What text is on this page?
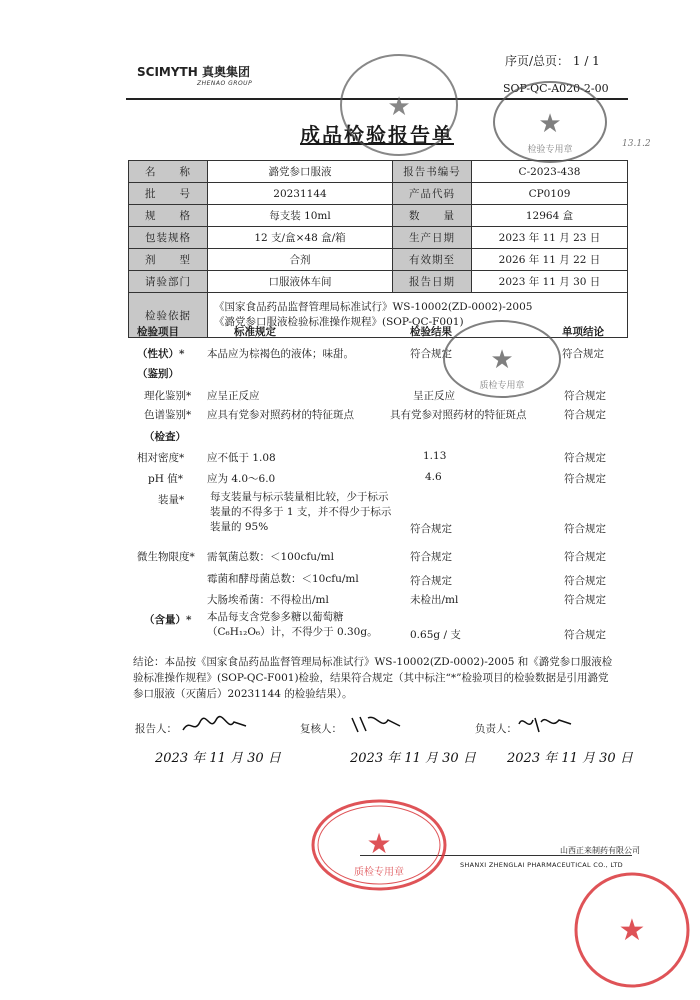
序页/总页： 1 / 1
SOP-QC-A020-2-00
SCIMYTH 真奥集团
ZHENAO GROUP
成品检验报告单	13.1.2
名　　称	潞党参口服液	报告书编号	C-2023-438
批　　号	20231144	产品代码	CP0109
规　　格	每支装 10ml	数　　量	12964 盒
包装规格	12 支/盒×48 盒/箱	生产日期	2023 年 11 月 23 日
剂　　型	合剂	有效期至	2026 年 11 月 22 日
请验部门	口服液体车间	报告日期	2023 年 11 月 30 日
检验依据	《国家食品药品监督管理局标准试行》WS-10002(ZD-0002)-2005
《潞党参口服液检验标准操作规程》(SOP-QC-F001)		
检验项目	标准规定	检验结果	单项结论
（性状）* 本品应为棕褐色的液体；味甜。	符合规定	符合规定
（鉴别）
理化鉴别* 应呈正反应	呈正反应	符合规定
色谱鉴别* 应具有党参对照药材的特征斑点	具有党参对照药材的特征斑点	符合规定
（检查）
相对密度* 应不低于 1.08	1.13	符合规定
pH 值* 应为 4.0～6.0	4.6	符合规定
装量* 每支装量与标示装量相比较，少于标示装量的不得多于 1 支，并不得少于标示装量的 95%	符合规定	符合规定
微生物限度* 需氧菌总数：＜100cfu/ml	符合规定	符合规定
霉菌和酵母菌总数：＜10cfu/ml	符合规定	符合规定
大肠埃希菌：不得检出/ml	未检出/ml	符合规定
（含量）* 本品每支含党参多糖以葡萄糖（C₆H₁₂O₆）计，不得少于 0.30g。	0.65g / 支	符合规定
结论：本品按《国家食品药品监督管理局标准试行》WS-10002(ZD-0002)-2005 和《潞党参口服液检验标准操作规程》(SOP-QC-F001)检验，结果符合规定（其中标注“*”检验项目的检验数据是引用潞党参口服液（灭菌后）20231144 的检验结果）。
报告人：	复核人：	负责人：
2023 年 11 月 30 日	2023 年 11 月 30 日 2023 年 11 月 30 日
山西正来制药有限公司
SHANXI ZHENGLAI PHARMACEUTICAL CO., LTD
★
★
检验专用章
★
质检专用章
★
质检专用章
★
